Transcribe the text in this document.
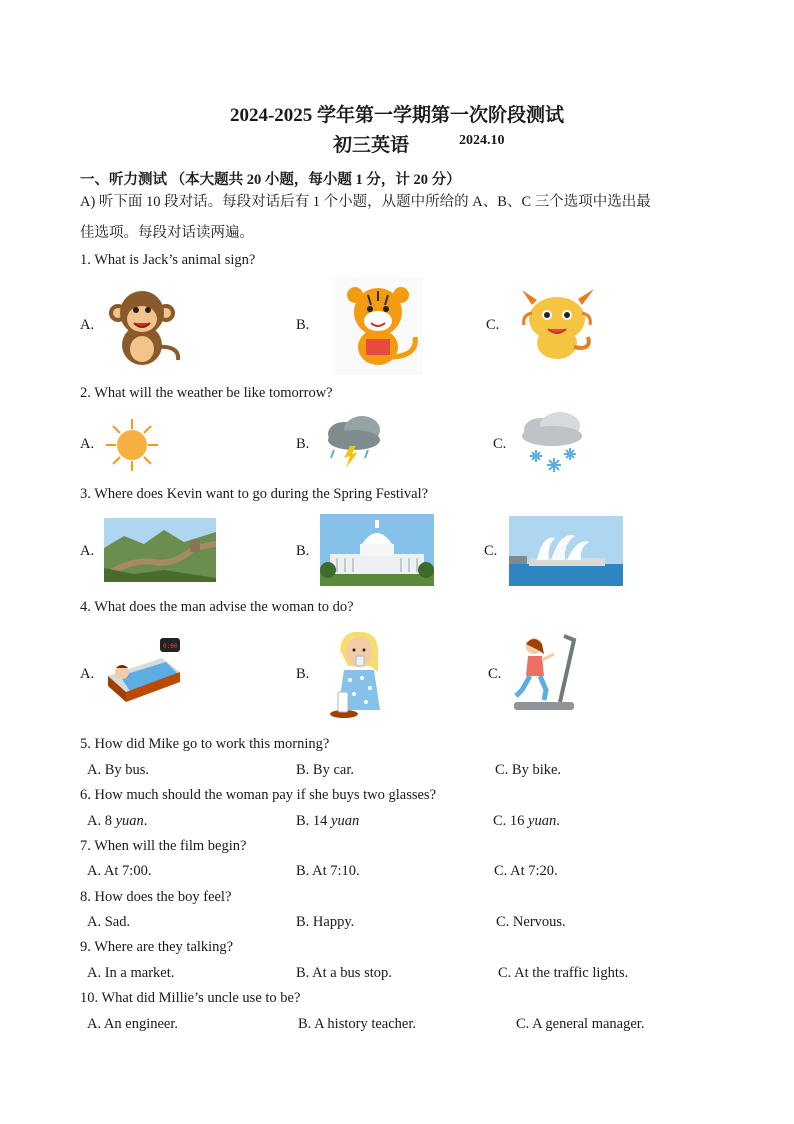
2024-2025 学年第一学期第一次阶段测试
初三英语	2024.10
一、听力测试 （本大题共 20 小题，每小题 1 分，计 20 分）
A) 听下面 10 段对话。每段对话后有 1 个小题，从题中所给的 A、B、C 三个选项中选出最
佳选项。每段对话读两遍。
1. What is Jack’s animal sign?
A.	B.	C.
2. What will the weather be like tomorrow?
A.	B.	C.
3. Where does Kevin want to go during the Spring Festival?
A.	B.	C.
4. What does the man advise the woman to do?
A.
0:00
B.	C.
5. How did Mike go to work this morning?
A. By bus.	B. By car.	C. By bike.
6. How much should the woman pay if she buys two glasses?
A. 8 yuan.	B. 14 yuan	C. 16 yuan.
7. When will the film begin?
A. At 7:00.	B. At 7:10.	C. At 7:20.
8. How does the boy feel?
A. Sad.	B. Happy.	C. Nervous.
9. Where are they talking?
A. In a market.	B. At a bus stop.	C. At the traffic lights.
10. What did Millie’s uncle use to be?
A. An engineer.	B. A history teacher.	C. A general manager.
